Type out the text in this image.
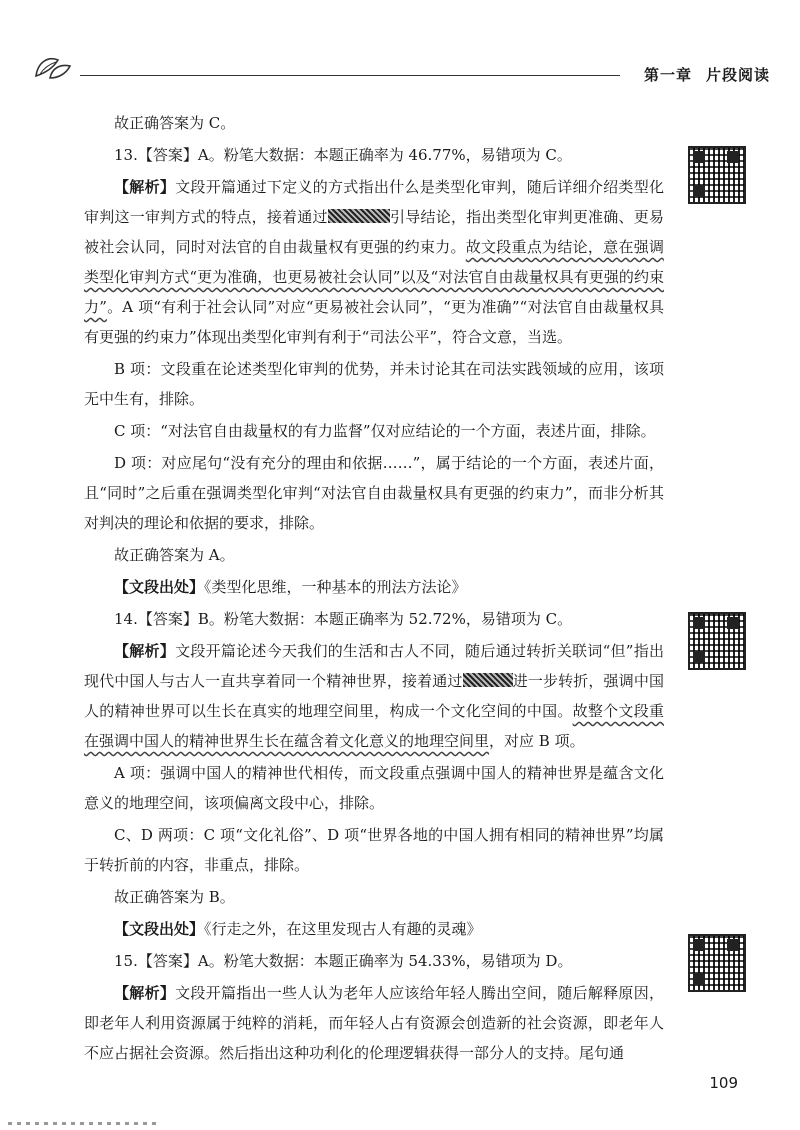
第一章 片段阅读

故正确答案为 C。

13.【答案】A。粉笔大数据：本题正确率为 46.77%，易错项为 C。

【解析】文段开篇通过下定义的方式指出什么是类型化审判，随后详细介绍类型化审判这一审判方式的特点，接着通过	引导结论，指出类型化审判更准确、更易被社会认同，同时对法官的自由裁量权有更强的约束力。故文段重点为结论，意在强调类型化审判方式“更为准确，也更易被社会认同”以及“对法官自由裁量权具有更强的约束力”。A 项“有利于社会认同”对应“更易被社会认同”，“更为准确”“对法官自由裁量权具有更强的约束力”体现出类型化审判有利于“司法公平”，符合文意，当选。

B 项：文段重在论述类型化审判的优势，并未讨论其在司法实践领域的应用，该项无中生有，排除。

C 项：“对法官自由裁量权的有力监督”仅对应结论的一个方面，表述片面，排除。

D 项：对应尾句“没有充分的理由和依据……”，属于结论的一个方面，表述片面，且“同时”之后重在强调类型化审判“对法官自由裁量权具有更强的约束力”，而非分析其对判决的理论和依据的要求，排除。

故正确答案为 A。

【文段出处】《类型化思维，一种基本的刑法方法论》

14.【答案】B。粉笔大数据：本题正确率为 52.72%，易错项为 C。

【解析】文段开篇论述今天我们的生活和古人不同，随后通过转折关联词“但”指出现代中国人与古人一直共享着同一个精神世界，接着通过	进一步转折，强调中国人的精神世界可以生长在真实的地理空间里，构成一个文化空间的中国。故整个文段重在强调中国人的精神世界生长在蕴含着文化意义的地理空间里，对应 B 项。

A 项：强调中国人的精神世代相传，而文段重点强调中国人的精神世界是蕴含文化意义的地理空间，该项偏离文段中心，排除。

C、D 两项：C 项“文化礼俗”、D 项“世界各地的中国人拥有相同的精神世界”均属于转折前的内容，非重点，排除。

故正确答案为 B。

【文段出处】《行走之外，在这里发现古人有趣的灵魂》

15.【答案】A。粉笔大数据：本题正确率为 54.33%，易错项为 D。

【解析】文段开篇指出一些人认为老年人应该给年轻人腾出空间，随后解释原因，即老年人利用资源属于纯粹的消耗，而年轻人占有资源会创造新的社会资源，即老年人不应占据社会资源。然后指出这种功利化的伦理逻辑获得一部分人的支持。尾句通

109
